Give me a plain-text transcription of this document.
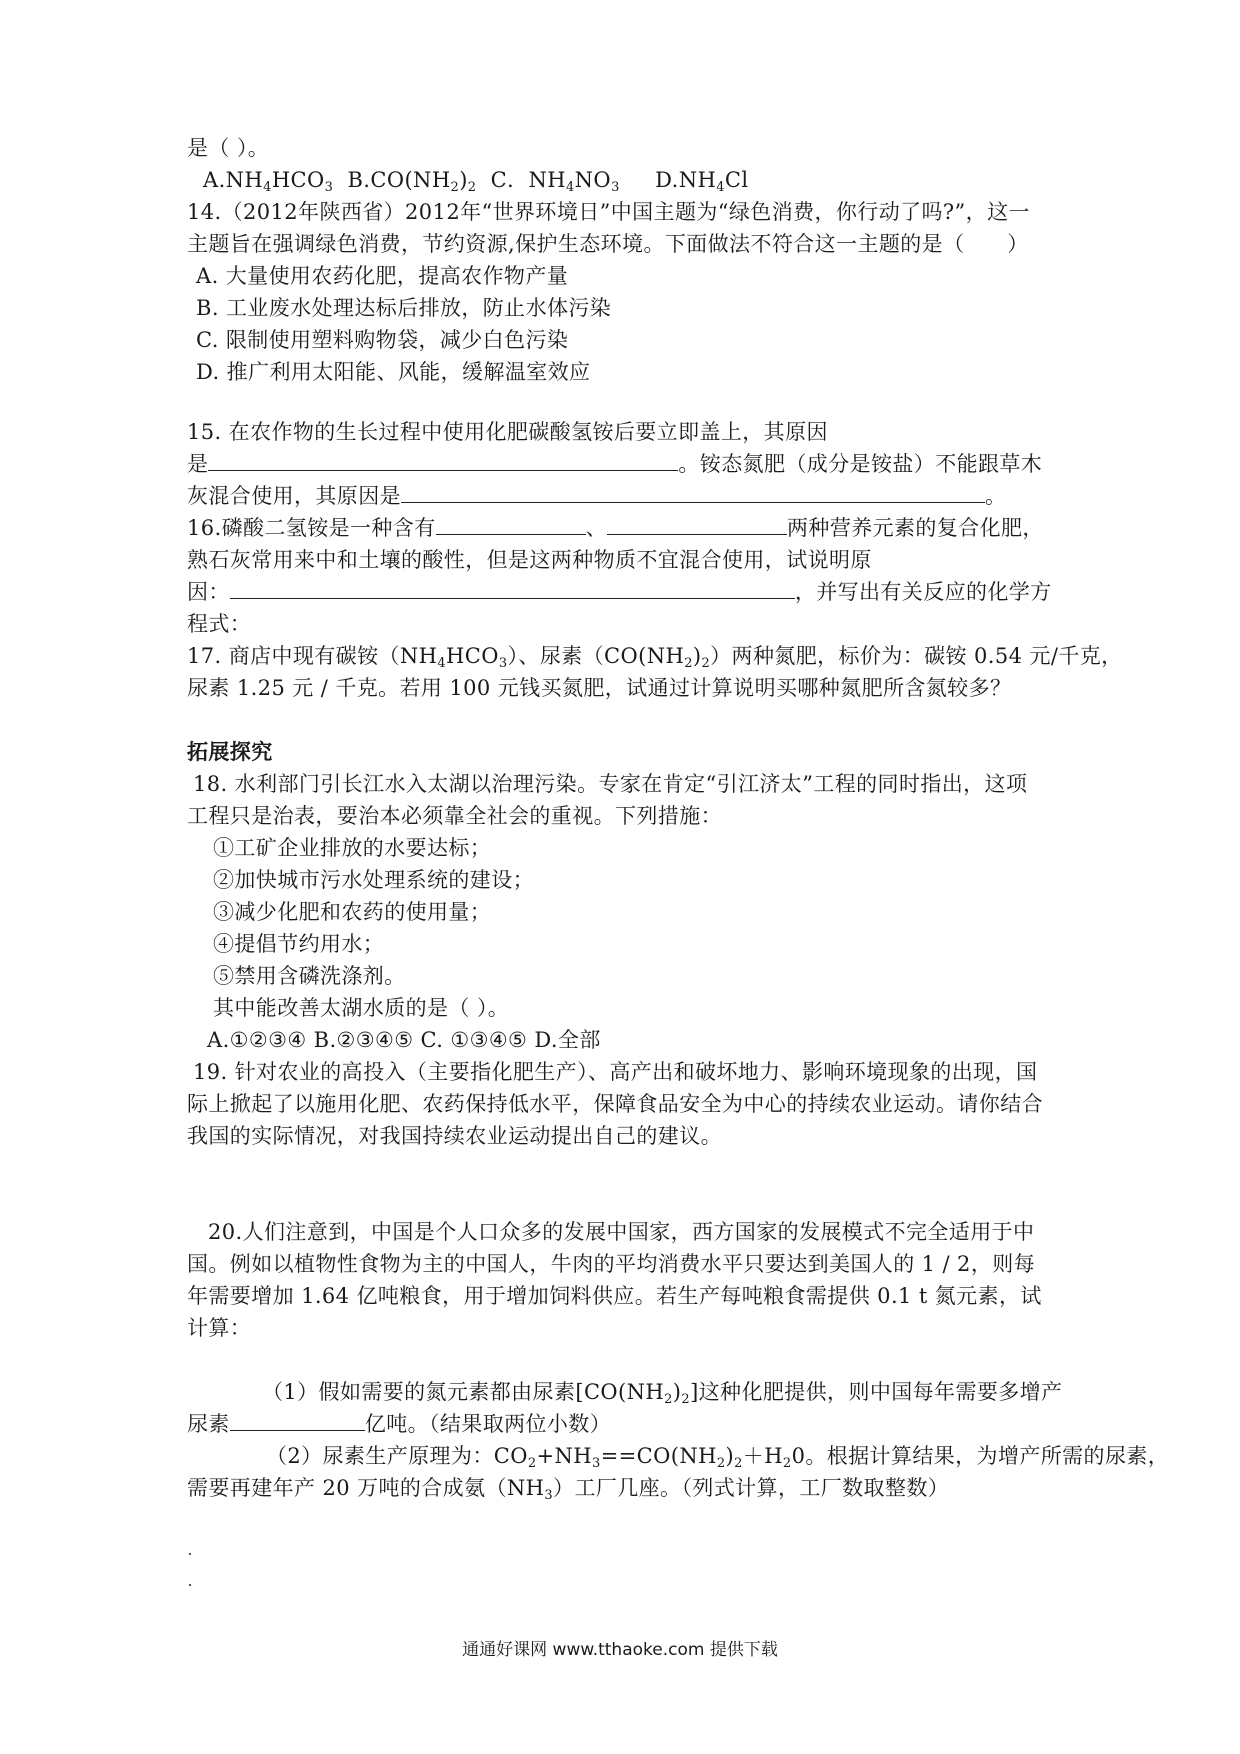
是（ ）。
$A.NH_4HCO_3$ $B.CO(NH_2)_2$ C．$NH_4NO_3$ $D.NH_4Cl$
14.（2012年陕西省）2012年“世界环境日”中国主题为“绿色消费，你行动了吗?”，这一
主题旨在强调绿色消费，节约资源,保护生态环境。下面做法不符合这一主题的是（　　）
A. 大量使用农药化肥，提高农作物产量
B. 工业废水处理达标后排放，防止水体污染
C. 限制使用塑料购物袋，减少白色污染
D. 推广利用太阳能、风能，缓解温室效应
15. 在农作物的生长过程中使用化肥碳酸氢铵后要立即盖上，其原因
是	。铵态氮肥（成分是铵盐）不能跟草木
灰混合使用，其原因是	。
16.磷酸二氢铵是一种含有	、	两种营养元素的复合化肥，
熟石灰常用来中和土壤的酸性，但是这两种物质不宜混合使用，试说明原
因：	，并写出有关反应的化学方
程式：
17. 商店中现有碳铵$(NH_4HCO_3)$、尿素$(CO(NH_2)_2)$两种氮肥，标价为：碳铵 0.54 元/千克，
尿素 1.25 元 / 千克。若用 100 元钱买氮肥，试通过计算说明买哪种氮肥所含氮较多？
拓展探究
18. 水利部门引长江水入太湖以治理污染。专家在肯定“引江济太”工程的同时指出，这项
工程只是治表，要治本必须靠全社会的重视。下列措施：
①工矿企业排放的水要达标；
②加快城市污水处理系统的建设；
③减少化肥和农药的使用量；
④提倡节约用水；
⑤禁用含磷洗涤剂。
其中能改善太湖水质的是（ ）。
A.①②③④ B.②③④⑤ C. ①③④⑤ D.全部
19. 针对农业的高投入（主要指化肥生产）、高产出和破坏地力、影响环境现象的出现，国
际上掀起了以施用化肥、农药保持低水平，保障食品安全为中心的持续农业运动。请你结合
我国的实际情况，对我国持续农业运动提出自己的建议。
20.人们注意到，中国是个人口众多的发展中国家，西方国家的发展模式不完全适用于中
国。例如以植物性食物为主的中国人，牛肉的平均消费水平只要达到美国人的 1 / 2，则每
年需要增加 1.64 亿吨粮食，用于增加饲料供应。若生产每吨粮食需提供 0.1 t 氮元素，试
计算：
（1）假如需要的氮元素都由尿素$[CO(NH_2)_2]$这种化肥提供，则中国每年需要多增产
尿素	亿吨。（结果取两位小数）
（2）尿素生产原理为：$CO_2+NH_3==CO(NH_2)_2+H_20$。根据计算结果，为增产所需的尿素，
需要再建年产 20 万吨的合成氨$(NH_3)$工厂几座。（列式计算，工厂数取整数）
通通好课网 www.tthaoke.com 提供下载
